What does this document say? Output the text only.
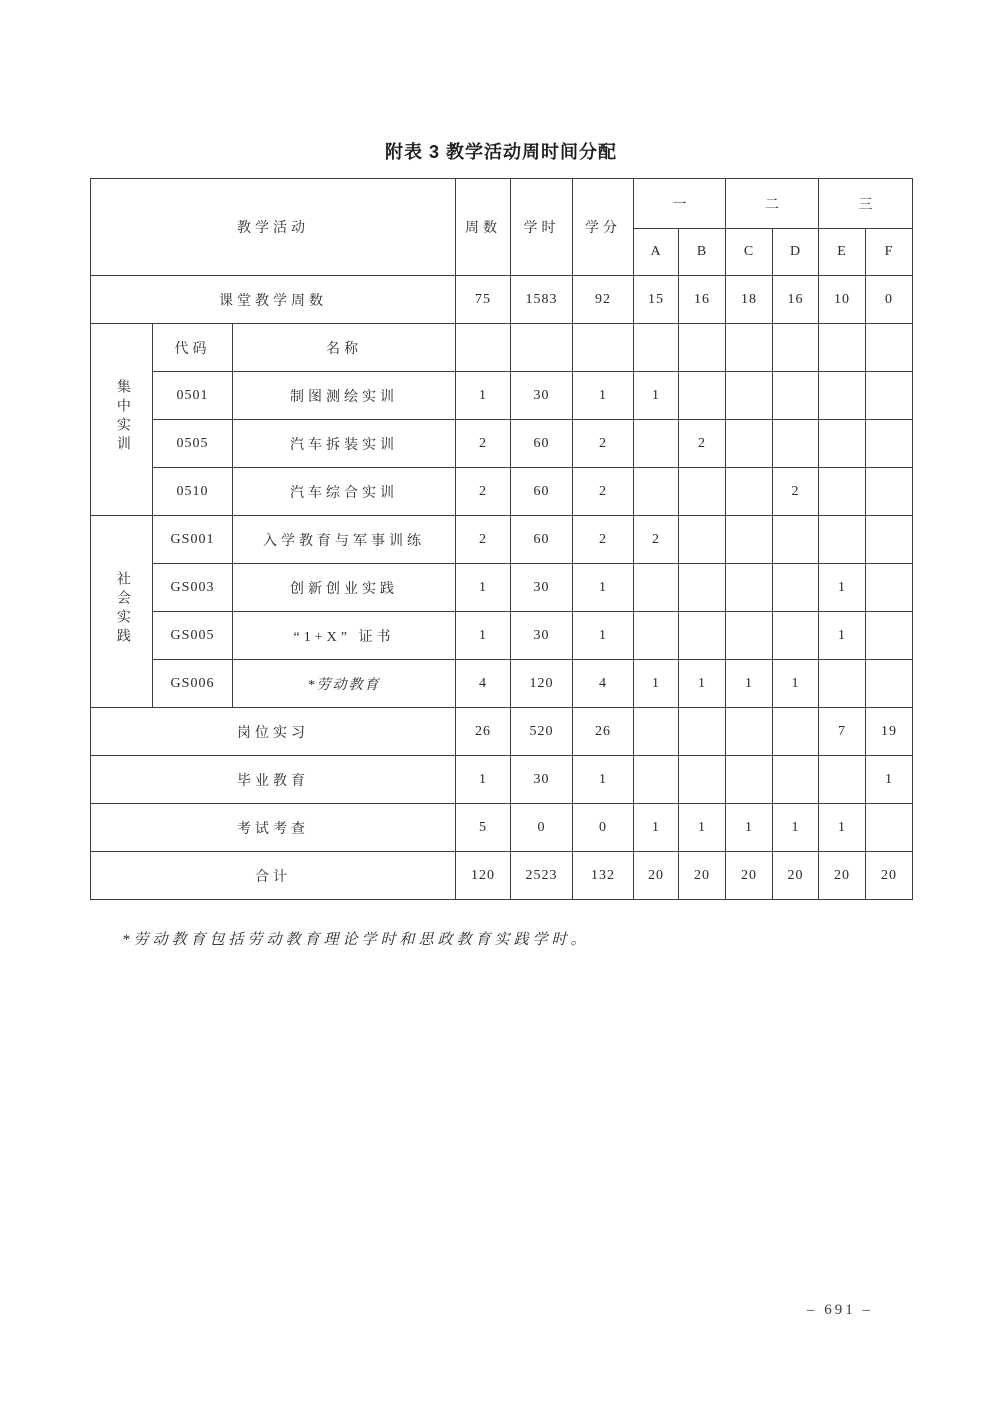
附表 3 教学活动周时间分配
教学活动			周数	学时	学分	一		二		三	
						A	B	C	D	E	F
课堂教学周数			75	1583	92	15	16	18	16	10	0
集中实训	代码	名称									
	0501	制图测绘实训	1	30	1	1					
	0505	汽车拆装实训	2	60	2		2				
	0510	汽车综合实训	2	60	2				2		
社会实践	GS001	入学教育与军事训练	2	60	2	2					
	GS003	创新创业实践	1	30	1					1	
	GS005	“1+X” 证书	1	30	1					1	
	GS006	*劳动教育	4	120	4	1	1	1	1		
岗位实习			26	520	26					7	19
毕业教育			1	30	1						1
考试考查			5	0	0	1	1	1	1	1	
合计			120	2523	132	20	20	20	20	20	20
*劳动教育包括劳动教育理论学时和思政教育实践学时。
– 691 –
